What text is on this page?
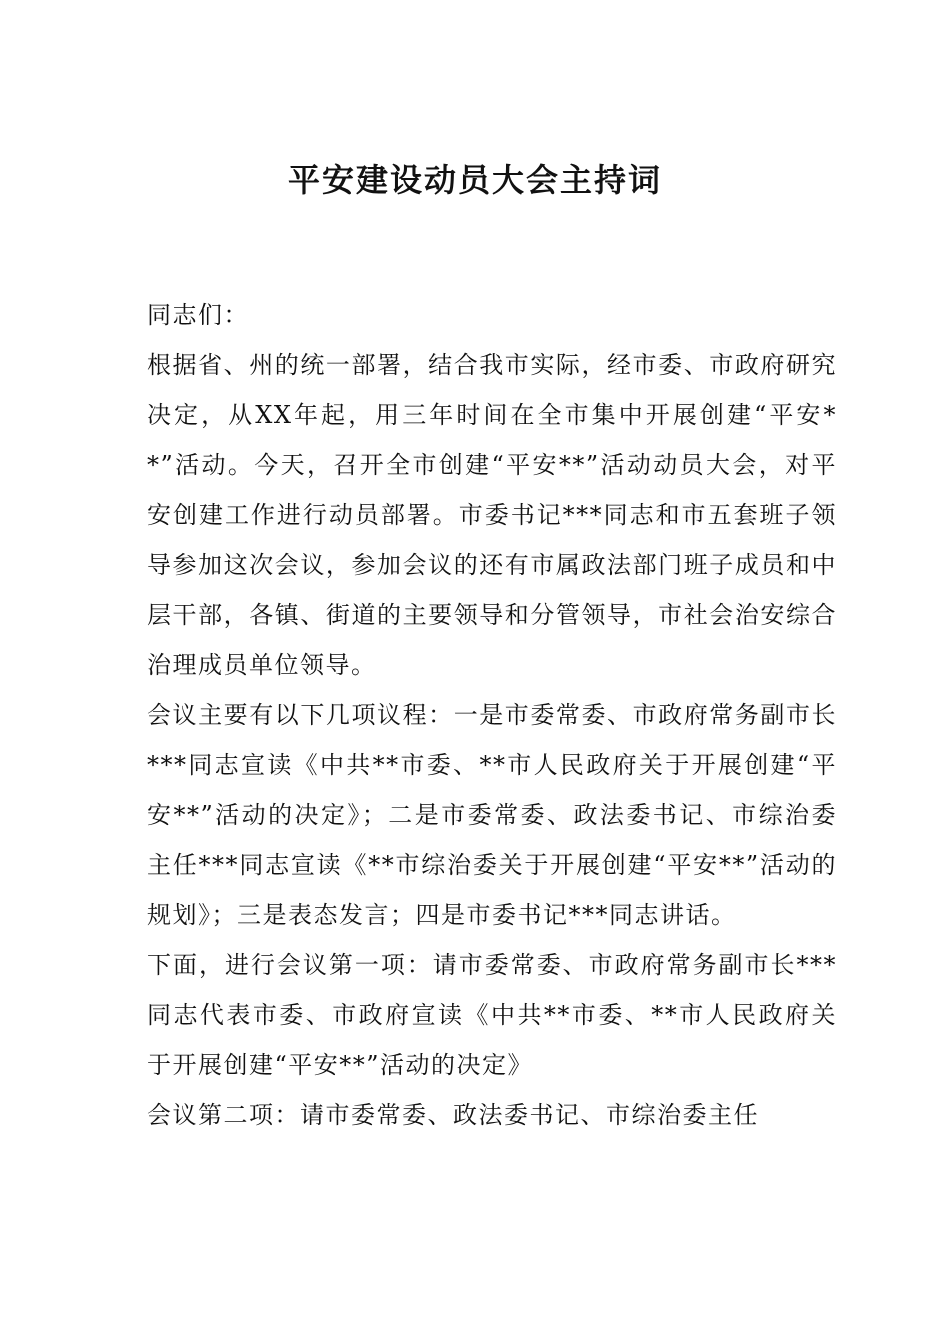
平安建设动员大会主持词

同志们：

根据省、州的统一部署，结合我市实际，经市委、市政府研究决定，从XX年起，用三年时间在全市集中开展创建“平安**”活动。今天，召开全市创建“平安**”活动动员大会，对平安创建工作进行动员部署。市委书记***同志和市五套班子领导参加这次会议，参加会议的还有市属政法部门班子成员和中层干部，各镇、街道的主要领导和分管领导，市社会治安综合治理成员单位领导。

会议主要有以下几项议程：一是市委常委、市政府常务副市长***同志宣读《中共**市委、**市人民政府关于开展创建“平安**”活动的决定》；二是市委常委、政法委书记、市综治委主任***同志宣读《**市综治委关于开展创建“平安**”活动的规划》；三是表态发言；四是市委书记***同志讲话。

下面，进行会议第一项：请市委常委、市政府常务副市长***同志代表市委、市政府宣读《中共**市委、**市人民政府关于开展创建“平安**”活动的决定》

会议第二项：请市委常委、政法委书记、市综治委主任
